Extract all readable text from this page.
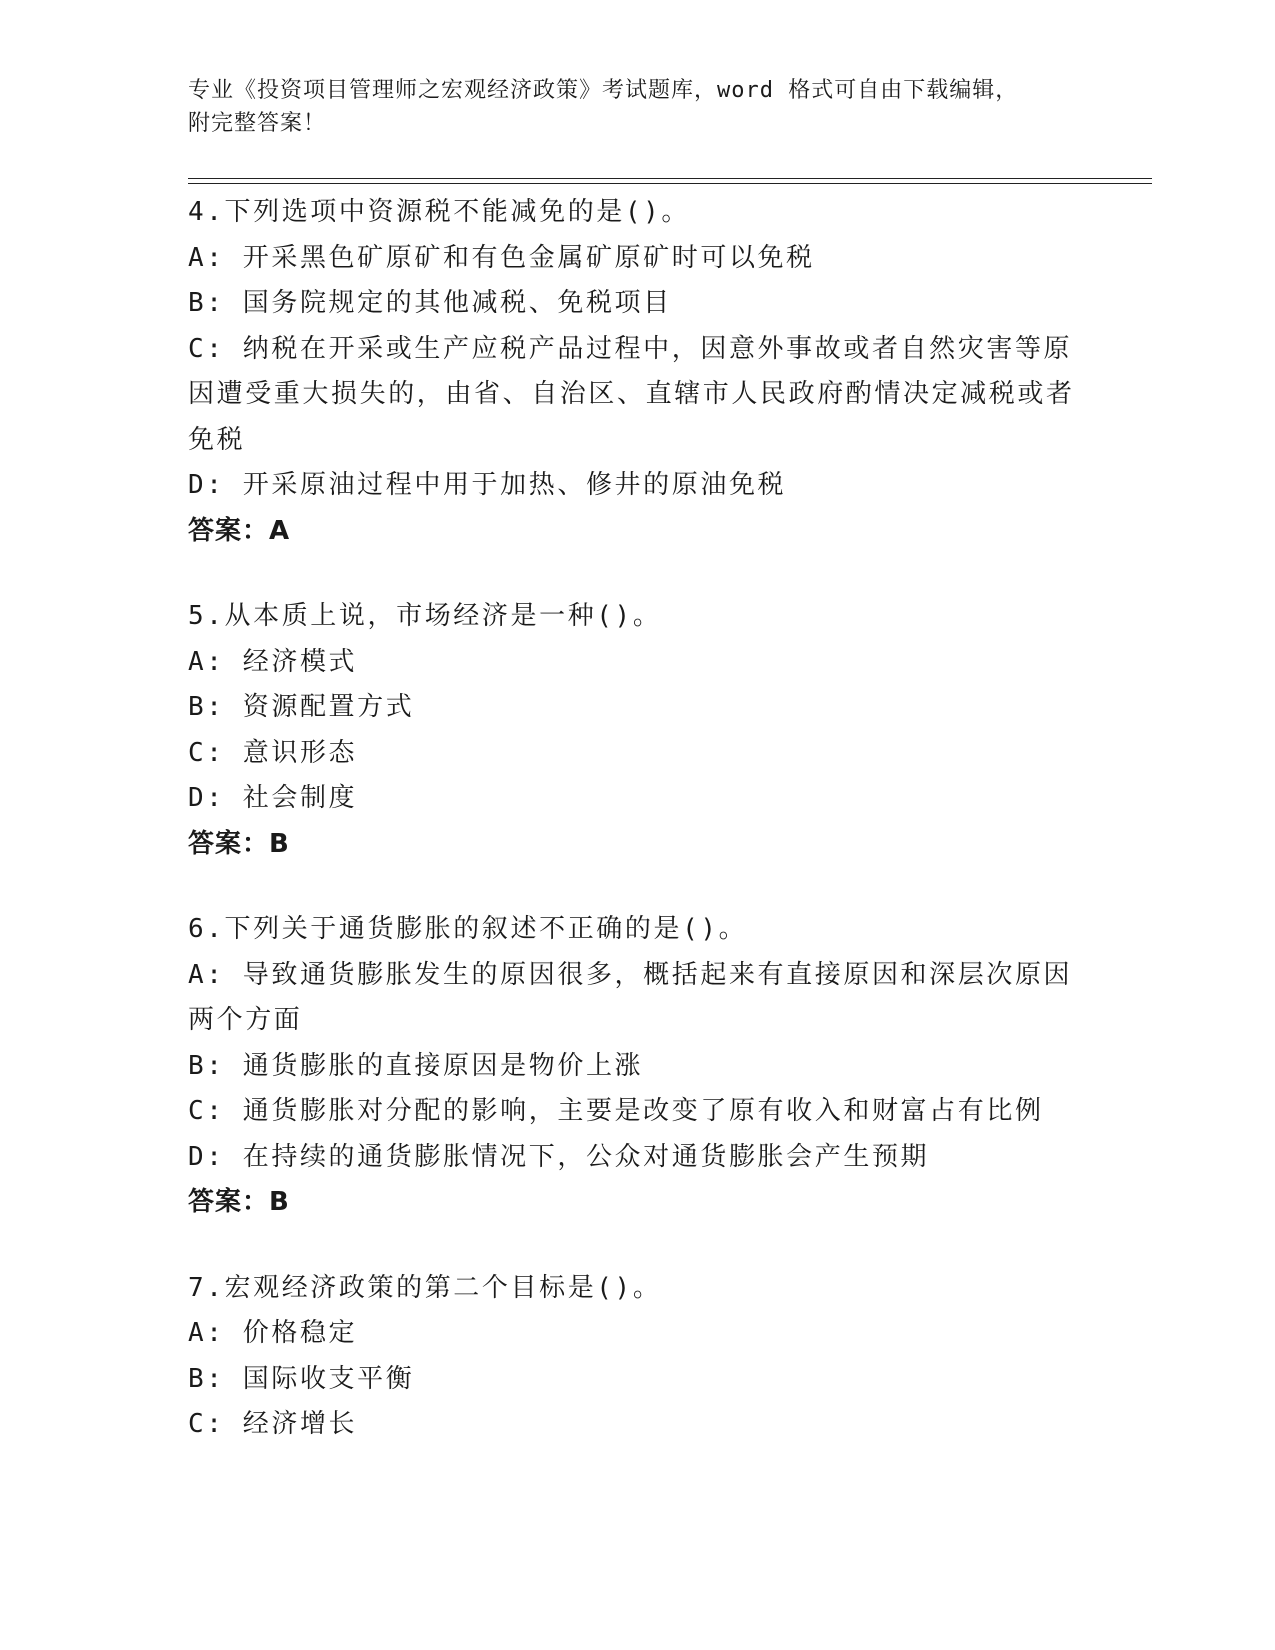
专业《投资项目管理师之宏观经济政策》考试题库，word 格式可自由下载编辑，
附完整答案！

4.下列选项中资源税不能减免的是()。

A: 开采黑色矿原矿和有色金属矿原矿时可以免税

B: 国务院规定的其他减税、免税项目

C: 纳税在开采或生产应税产品过程中，因意外事故或者自然灾害等原因遭受重大损失的，由省、自治区、直辖市人民政府酌情决定减税或者免税

D: 开采原油过程中用于加热、修井的原油免税

答案：A

5.从本质上说，市场经济是一种()。

A: 经济模式

B: 资源配置方式

C: 意识形态

D: 社会制度

答案：B

6.下列关于通货膨胀的叙述不正确的是()。

A: 导致通货膨胀发生的原因很多，概括起来有直接原因和深层次原因两个方面

B: 通货膨胀的直接原因是物价上涨

C: 通货膨胀对分配的影响，主要是改变了原有收入和财富占有比例

D: 在持续的通货膨胀情况下，公众对通货膨胀会产生预期

答案：B

7.宏观经济政策的第二个目标是()。

A: 价格稳定

B: 国际收支平衡

C: 经济增长
